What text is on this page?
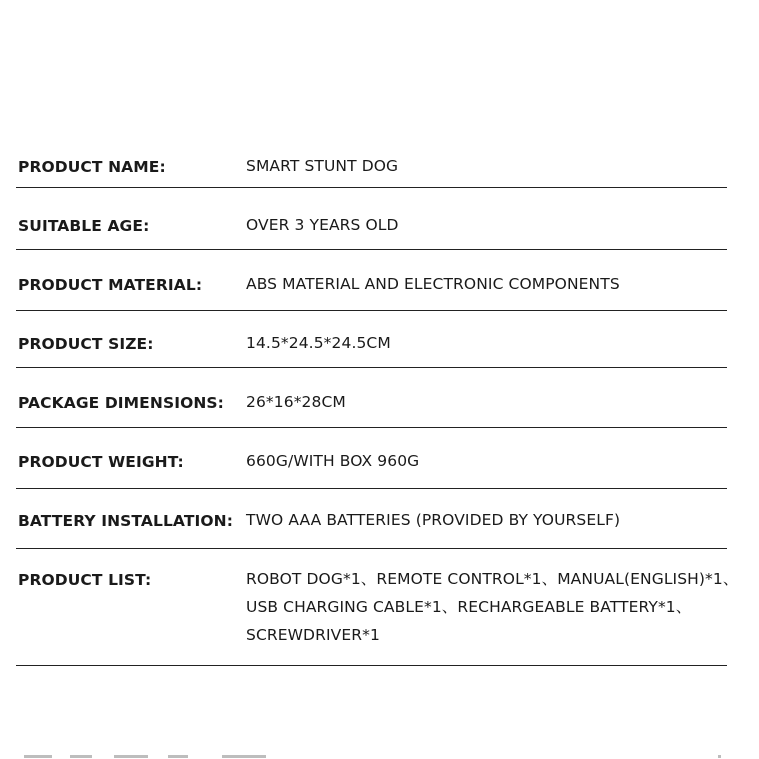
PRODUCT NAME:	SMART STUNT DOG
SUITABLE AGE:	OVER 3 YEARS OLD
PRODUCT MATERIAL:	ABS MATERIAL AND ELECTRONIC COMPONENTS
PRODUCT SIZE:	14.5*24.5*24.5CM
PACKAGE DIMENSIONS: 26*16*28CM
PRODUCT WEIGHT:	660G/WITH BOX 960G
BATTERY INSTALLATION: TWO AAA BATTERIES (PROVIDED BY YOURSELF)
PRODUCT LIST:	ROBOT DOG*1、REMOTE CONTROL*1、MANUAL(ENGLISH)*1、
USB CHARGING CABLE*1、RECHARGEABLE BATTERY*1、
SCREWDRIVER*1
